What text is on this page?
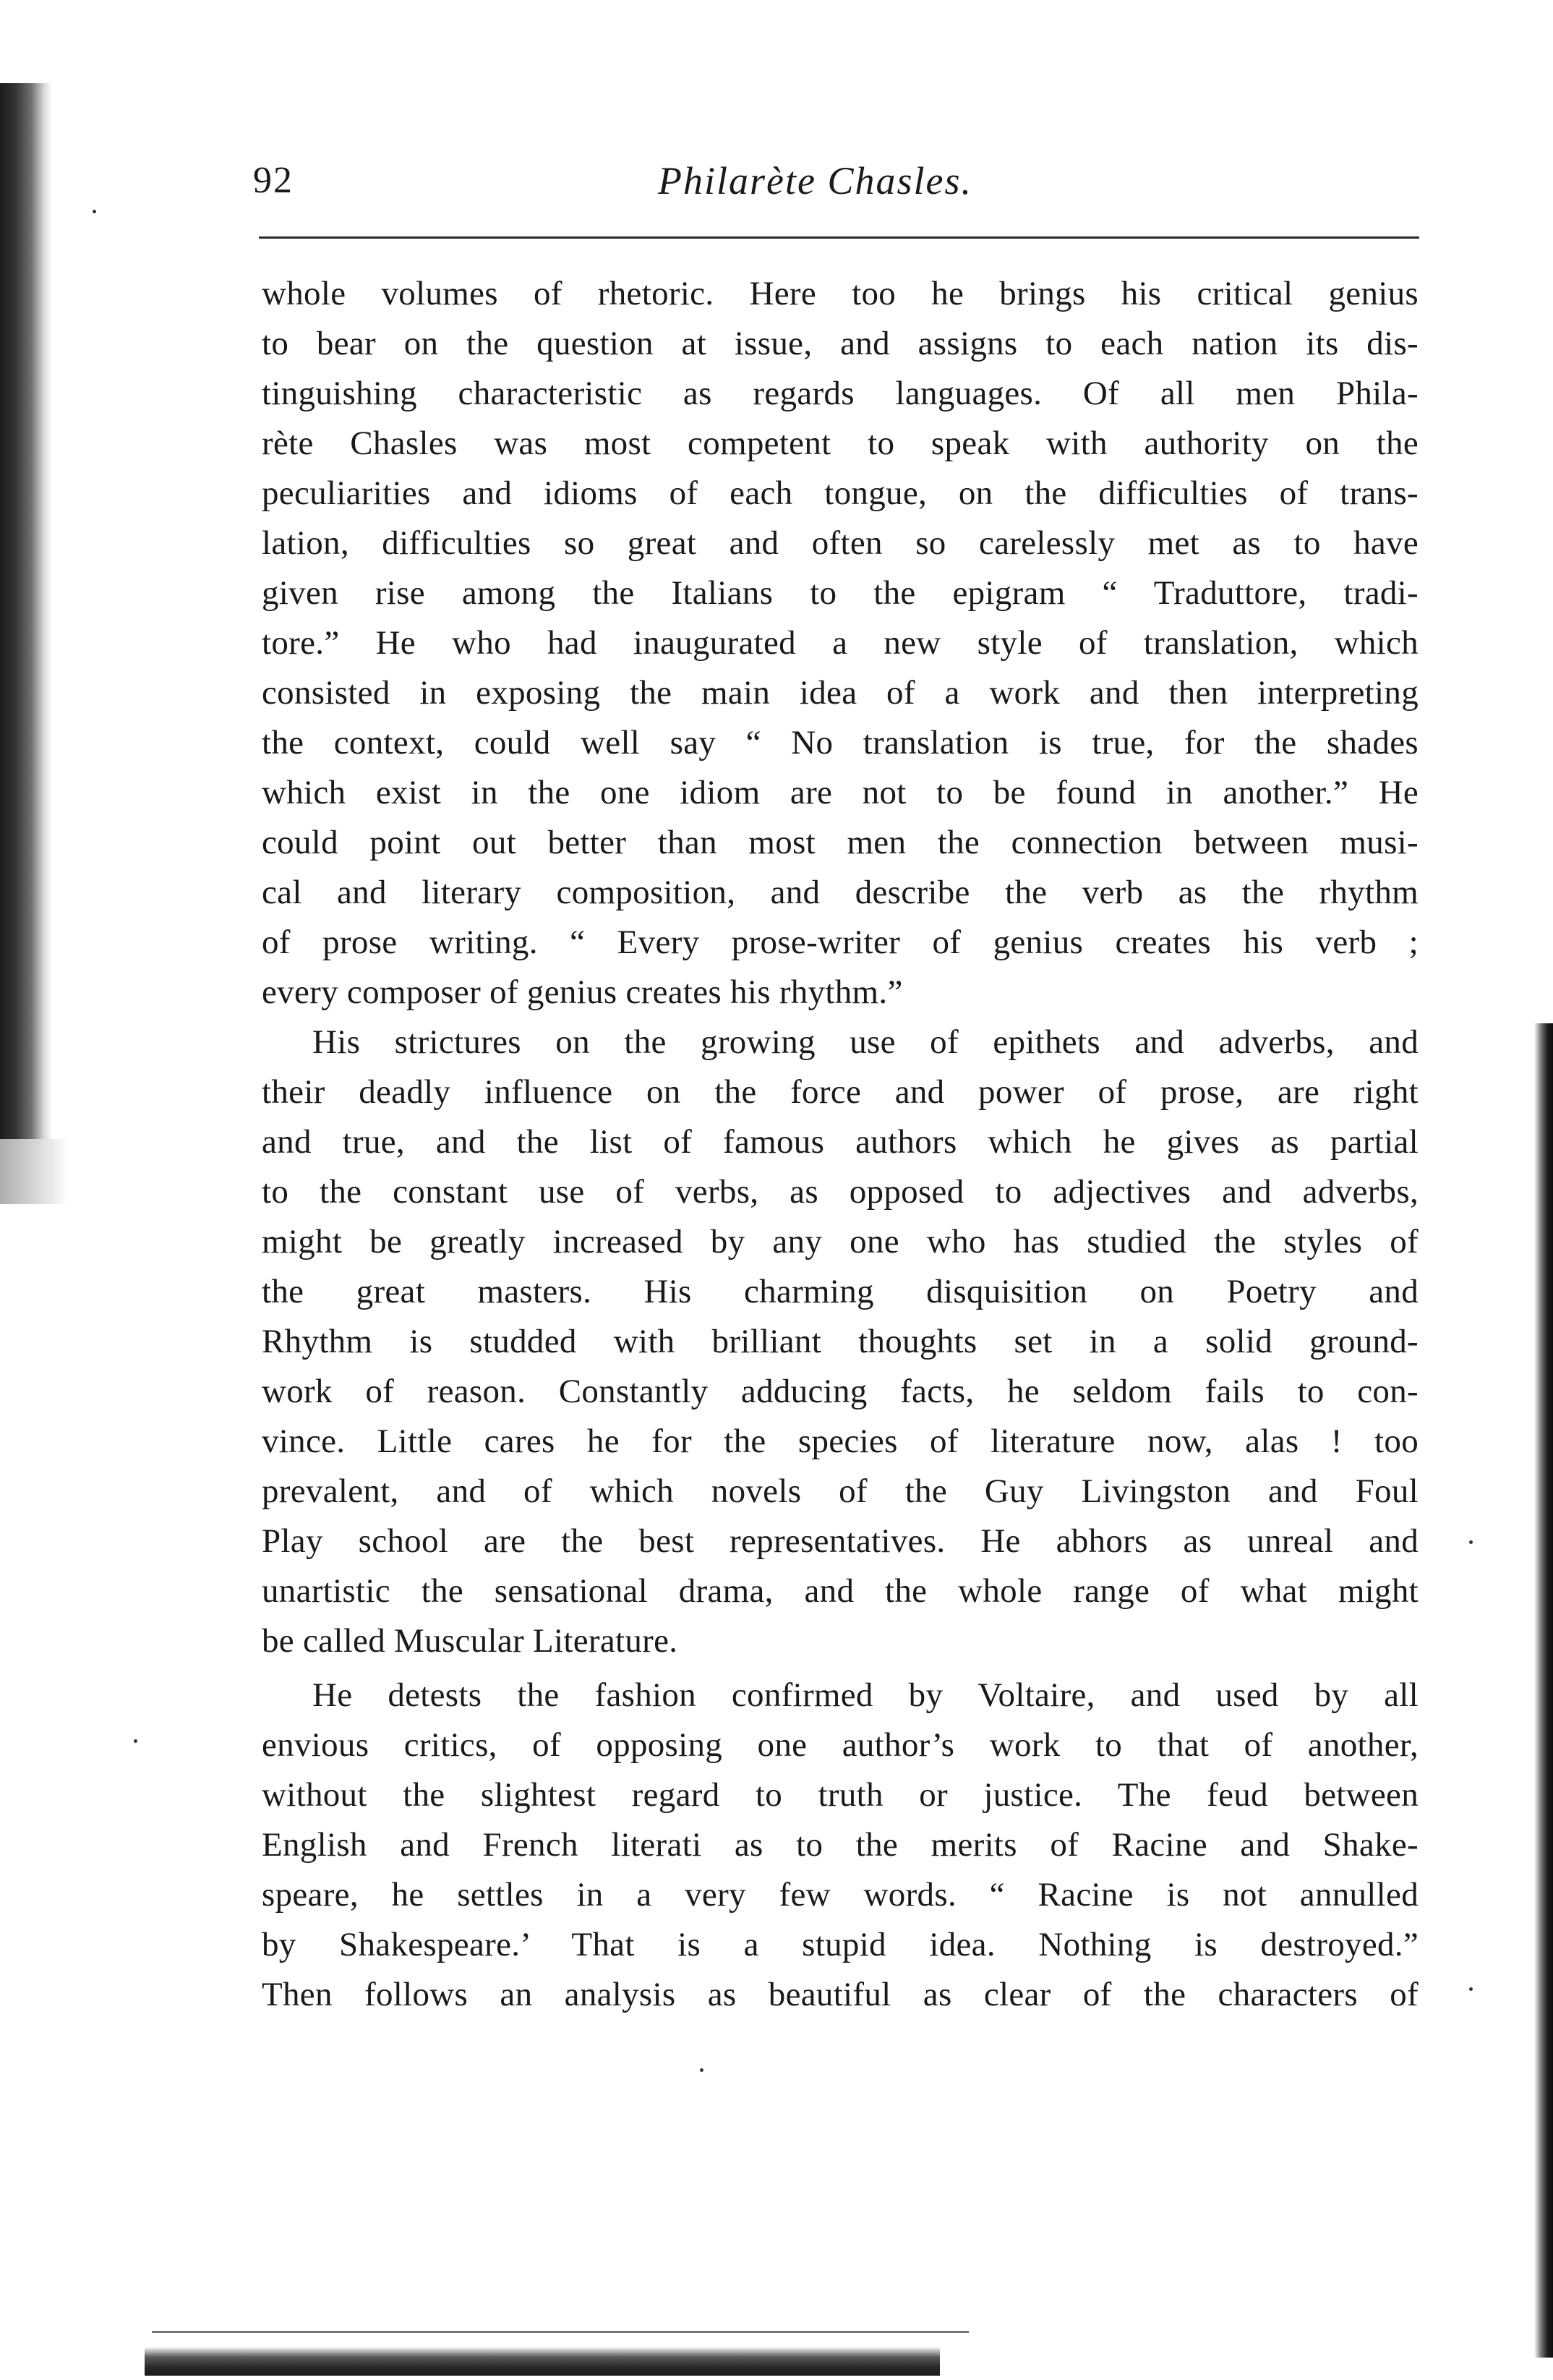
92	Philarète Chasles.
whole volumes of rhetoric. Here too he brings his critical genius
to bear on the question at issue, and assigns to each nation its dis-
tinguishing characteristic as regards languages. Of all men Phila-
rète Chasles was most competent to speak with authority on the
peculiarities and idioms of each tongue, on the difficulties of trans-
lation, difficulties so great and often so carelessly met as to have
given rise among the Italians to the epigram “ Traduttore, tradi-
tore.” He who had inaugurated a new style of translation, which
consisted in exposing the main idea of a work and then interpreting
the context, could well say “ No translation is true, for the shades
which exist in the one idiom are not to be found in another.” He
could point out better than most men the connection between musi-
cal and literary composition, and describe the verb as the rhythm
of prose writing. “ Every prose-writer of genius creates his verb ;
every composer of genius creates his rhythm.”
His strictures on the growing use of epithets and adverbs, and
their deadly influence on the force and power of prose, are right
and true, and the list of famous authors which he gives as partial
to the constant use of verbs, as opposed to adjectives and adverbs,
might be greatly increased by any one who has studied the styles of
the great masters. His charming disquisition on Poetry and
Rhythm is studded with brilliant thoughts set in a solid ground-
work of reason. Constantly adducing facts, he seldom fails to con-
vince. Little cares he for the species of literature now, alas ! too
prevalent, and of which novels of the Guy Livingston and Foul
Play school are the best representatives. He abhors as unreal and
unartistic the sensational drama, and the whole range of what might
be called Muscular Literature.
He detests the fashion confirmed by Voltaire, and used by all
envious critics, of opposing one author’s work to that of another,
without the slightest regard to truth or justice. The feud between
English and French literati as to the merits of Racine and Shake-
speare, he settles in a very few words. “ Racine is not annulled
by Shakespeare.’ That is a stupid idea. Nothing is destroyed.”
Then follows an analysis as beautiful as clear of the characters of
